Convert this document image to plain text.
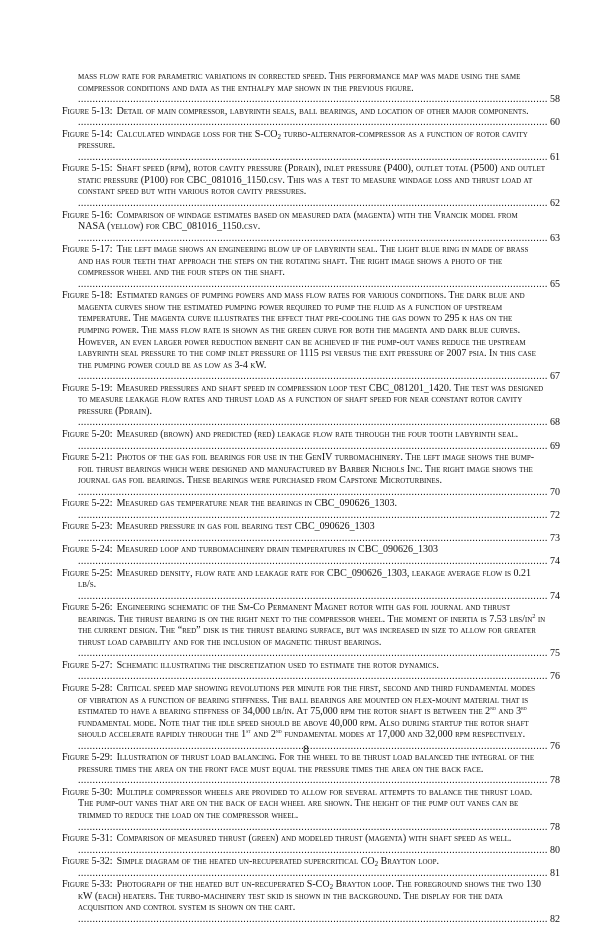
mass flow rate for parametric variations in corrected speed. This performance map was made using the same compressor conditions and data as the enthalpy map shown in the previous figure. .....
58
Figure 5-13: Detail of main compressor, labyrinth seals, ball bearings, and location of other major components. .....
60
Figure 5-14: Calculated windage loss for the $S-CO_2$ turbo-alternator-compressor as a function of rotor cavity pressure. .....
61
Figure 5-15: Shaft speed (rpm), rotor cavity pressure (Pdrain), inlet pressure (P400), outlet total (P500) and outlet static pressure (P100) for CBC_081016_1150.csv. This was a test to measure windage loss and thrust load at constant speed but with various rotor cavity pressures. .....
62
Figure 5-16: Comparison of windage estimates based on measured data (magenta) with the Vrancik model from NASA (yellow) for CBC_081016_1150.csv. .....
63
Figure 5-17: The left image shows an engineering blow up of labyrinth seal. The light blue ring in made of brass and has four teeth that approach the steps on the rotating shaft. The right image shows a photo of the compressor wheel and the four steps on the shaft. .....
65
Figure 5-18: Estimated ranges of pumping powers and mass flow rates for various conditions. The dark blue and magenta curves show the estimated pumping power required to pump the fluid as a function of upstream temperature. The magenta curve illustrates the effect that pre-cooling the gas down to 295 k has on the pumping power. The mass flow rate is shown as the green curve for both the magenta and dark blue curves. However, an even larger power reduction benefit can be achieved if the pump-out vanes reduce the upstream labyrinth seal pressure to the comp inlet pressure of 1115 psi versus the exit pressure of 2007 psia. In this case the pumping power could be as low as 3-4 kW. .....
67
Figure 5-19: Measured pressures and shaft speed in compression loop test CBC_081201_1420. The test was designed to measure leakage flow rates and thrust load as a function of shaft speed for near constant rotor cavity pressure (Pdrain). .....
68
Figure 5-20: Measured (brown) and predicted (red) leakage flow rate through the four tooth labyrinth seal. .....
69
Figure 5-21: Photos of the gas foil bearings for use in the GenIV turbomachinery. The left image shows the bump-foil thrust bearings which were designed and manufactured by Barber Nichols Inc. The right image shows the journal gas foil bearings. These bearings were purchased from Capstone Microturbines. .....
70
Figure 5-22: Measured gas temperature near the bearings in CBC_090626_1303. .....
72
Figure 5-23: Measured pressure in gas foil bearing test CBC_090626_1303 .....
73
Figure 5-24: Measured loop and turbomachinery drain temperatures in CBC_090626_1303 .....
74
Figure 5-25: Measured density, flow rate and leakage rate for CBC_090626_1303, leakage average flow is 0.21 lb/s. .....
74
Figure 5-26: Engineering schematic of the Sm-Co Permanent Magnet rotor with gas foil journal and thrust bearings. The thrust bearing is on the right next to the compressor wheel. The moment of inertia is 7.53 lbs/$in^2$ in the current design. The “red” disk is the thrust bearing surface, but was increased in size to allow for greater thrust load capability and for the inclusion of magnetic thrust bearings. .....
75
Figure 5-27: Schematic illustrating the discretization used to estimate the rotor dynamics. .....
76
Figure 5-28: Critical speed map showing revolutions per minute for the first, second and third fundamental modes of vibration as a function of bearing stiffness. The ball bearings are mounted on flex-mount material that is estimated to have a bearing stiffness of 34,000 lb/in. At 75,000 rpm the rotor shaft is between the 2nd and 3rd fundamental mode. Note that the idle speed should be above 40,000 rpm. Also during startup the rotor shaft should accelerate rapidly through the 1st and 2nd fundamental modes at 17,000 and 32,000 rpm respectively. .....
76
Figure 5-29: Illustration of thrust load balancing. For the wheel to be thrust load balanced the integral of the pressure times the area on the front face must equal the pressure times the area on the back face. .....
78
Figure 5-30: Multiple compressor wheels are provided to allow for several attempts to balance the thrust load. The pump-out vanes that are on the back of each wheel are shown. The height of the pump out vanes can be trimmed to reduce the load on the compressor wheel. .....
78
Figure 5-31: Comparison of measured thrust (green) and modeled thrust (magenta) with shaft speed as well. .....
80
Figure 5-32: Simple diagram of the heated un-recuperated supercritical $CO_2$ Brayton loop. .....
81
Figure 5-33: Photograph of the heated but un-recuperated $S-CO_2$ Brayton loop. The foreground shows the two 130 kW (each) heaters. The turbo-machinery test skid is shown in the background. The display for the data acquisition and control system is shown on the cart. .....
82
8
